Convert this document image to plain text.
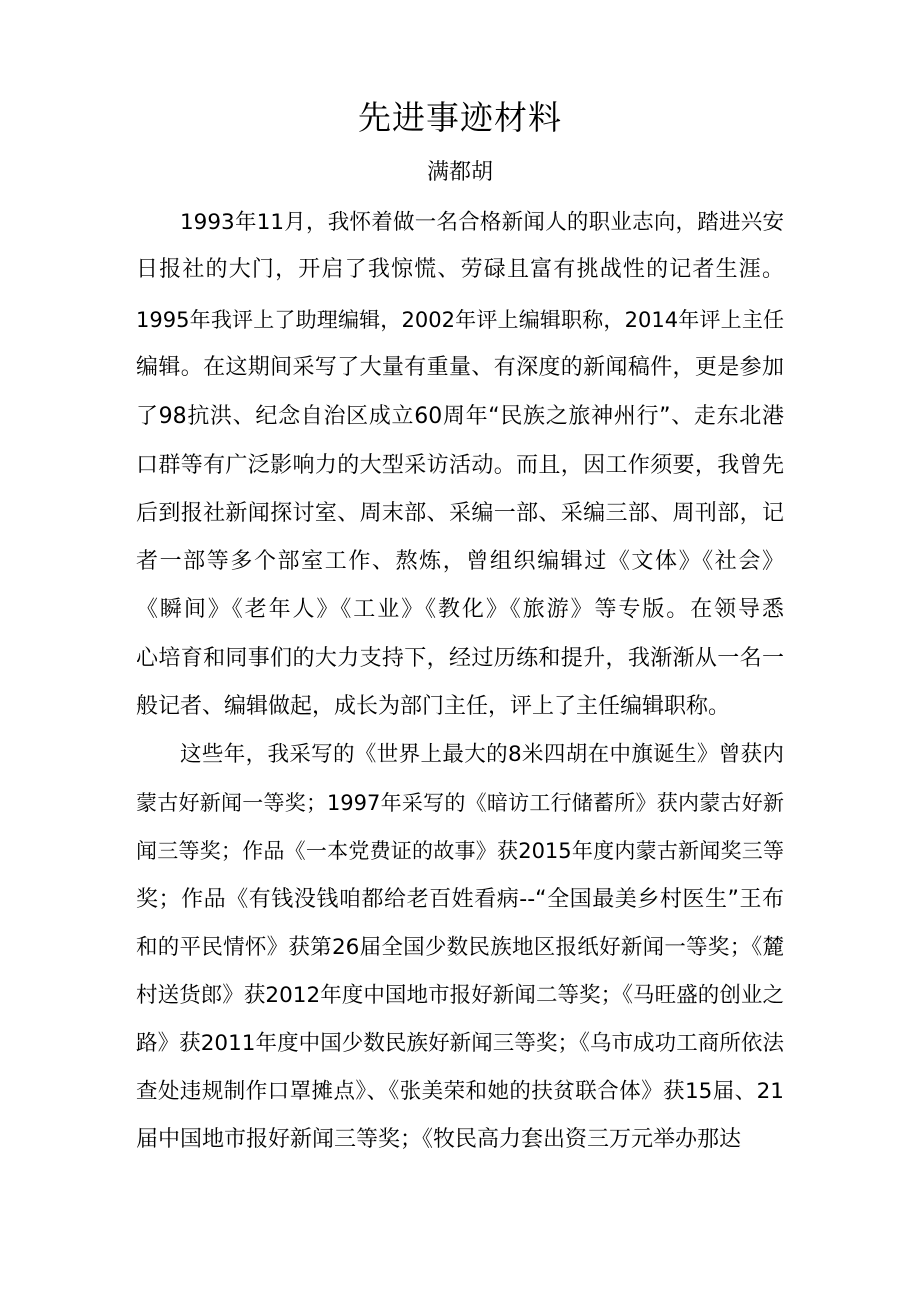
先进事迹材料
满都胡
1993年11月，我怀着做一名合格新闻人的职业志向，踏进兴安
日报社的大门，开启了我惊慌、劳碌且富有挑战性的记者生涯。
1995年我评上了助理编辑，2002年评上编辑职称，2014年评上主任
编辑。在这期间采写了大量有重量、有深度的新闻稿件，更是参加
了98抗洪、纪念自治区成立60周年“民族之旅神州行”、走东北港
口群等有广泛影响力的大型采访活动。而且，因工作须要，我曾先
后到报社新闻探讨室、周末部、采编一部、采编三部、周刊部，记
者一部等多个部室工作、熬炼，曾组织编辑过《文体》《社会》
《瞬间》《老年人》《工业》《教化》《旅游》等专版。在领导悉
心培育和同事们的大力支持下，经过历练和提升，我渐渐从一名一
般记者、编辑做起，成长为部门主任，评上了主任编辑职称。
这些年，我采写的《世界上最大的8米四胡在中旗诞生》曾获内
蒙古好新闻一等奖；1997年采写的《暗访工行储蓄所》获内蒙古好新
闻三等奖；作品《一本党费证的故事》获2015年度内蒙古新闻奖三等
奖；作品《有钱没钱咱都给老百姓看病--“全国最美乡村医生”王布
和的平民情怀》获第26届全国少数民族地区报纸好新闻一等奖；《麓
村送货郎》获2012年度中国地市报好新闻二等奖；《马旺盛的创业之
路》获2011年度中国少数民族好新闻三等奖；《乌市成功工商所依法
查处违规制作口罩摊点》、《张美荣和她的扶贫联合体》获15届、21
届中国地市报好新闻三等奖；《牧民高力套出资三万元举办那达
